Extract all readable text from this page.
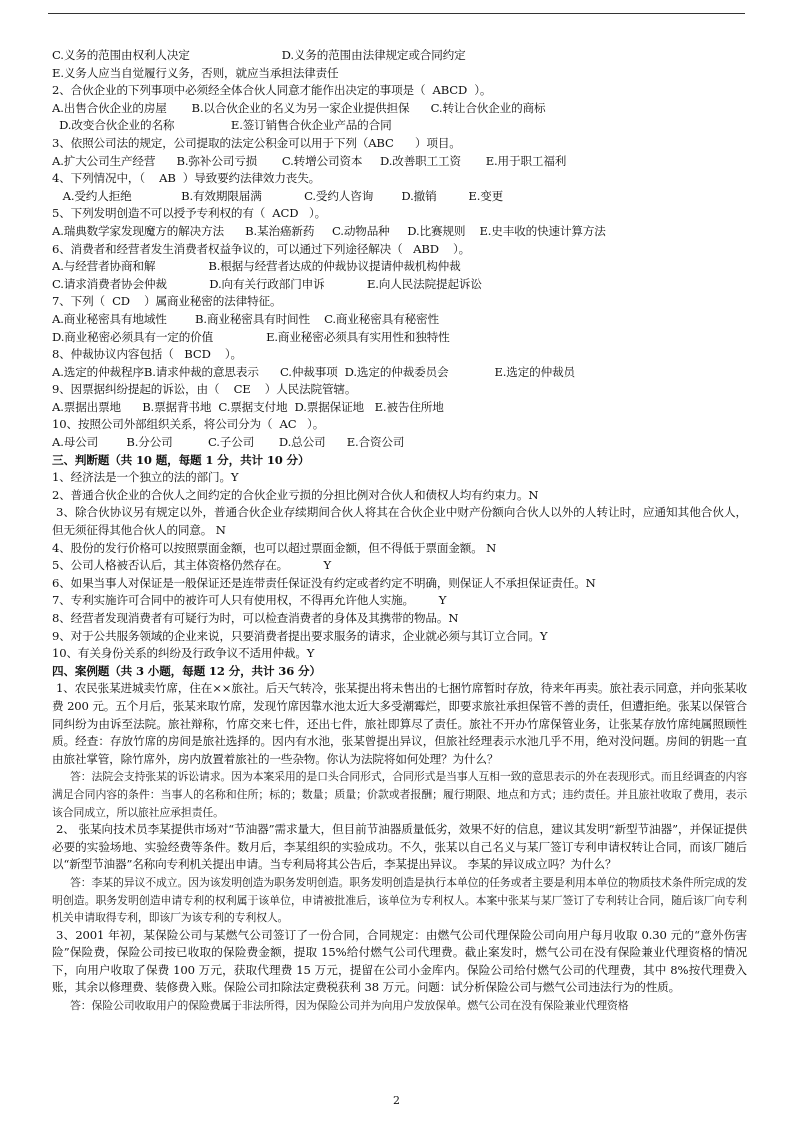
C.义务的范围由权利人决定                          D.义务的范围由法律规定或合同约定
E.义务人应当自觉履行义务，否则，就应当承担法律责任
2、合伙企业的下列事项中必须经全体合伙人同意才能作出决定的事项是（  ABCD  ）。
A.出售合伙企业的房屋       B.以合伙企业的名义为另一家企业提供担保      C.转让合伙企业的商标
D.改变合伙企业的名称                E.签订销售合伙企业产品的合同
3、依照公司法的规定，公司提取的法定公积金可以用于下列（ABC      ）项目。
A.扩大公司生产经营      B.弥补公司亏损       C.转增公司资本     D.改善职工工资       E.用于职工福利
4、下列情况中，（    AB  ）导致要约法律效力丧失。
A.受约人拒绝              B.有效期限届满            C.受约人咨询        D.撤销         E.变更
5、下列发明创造不可以授予专利权的有（  ACD   ）。
A.瑞典数学家发现魔方的解决方法      B.某治癌新药     C.动物品种     D.比赛规则    E.史丰收的快速计算方法
6、消费者和经营者发生消费者权益争议的，可以通过下列途径解决（   ABD    ）。
A.与经营者协商和解               B.根据与经营者达成的仲裁协议提请仲裁机构仲裁
C.请求消费者协会仲裁            D.向有关行政部门申诉            E.向人民法院提起诉讼
7、下列（  CD    ）属商业秘密的法律特征。
A.商业秘密具有地域性        B.商业秘密具有时间性    C.商业秘密具有秘密性
D.商业秘密必须具有一定的价值               E.商业秘密必须具有实用性和独特性
8、仲裁协议内容包括（   BCD    ）。
A.选定的仲裁程序B.请求仲裁的意思表示      C.仲裁事项  D.选定的仲裁委员会             E.选定的仲裁员
9、因票据纠纷提起的诉讼，由（    CE    ）人民法院管辖。
A.票据出票地      B.票据背书地  C.票据支付地  D.票据保证地   E.被告住所地
10、按照公司外部组织关系，将公司分为（  AC   ）。
A.母公司        B.分公司          C.子公司       D.总公司      E.合资公司
三、判断题（共 10 题，每题 1 分，共计 10 分）
1、经济法是一个独立的法的部门。Y
2、普通合伙企业的合伙人之间约定的合伙企业亏损的分担比例对合伙人和债权人均有约束力。N
3、除合伙协议另有规定以外，普通合伙企业存续期间合伙人将其在合伙企业中财产份额向合伙人以外的人转让时，应通知其他合伙人，但无须征得其他合伙人的同意。 N
4、股份的发行价格可以按照票面金额，也可以超过票面金额，但不得低于票面金额。 N
5、公司人格被否认后，其主体资格仍然存在。          Y
6、如果当事人对保证是一般保证还是连带责任保证没有约定或者约定不明确，则保证人不承担保证责任。N
7、专利实施许可合同中的被许可人只有使用权，不得再允许他人实施。       Y
8、经营者发现消费者有可疑行为时，可以检查消费者的身体及其携带的物品。N
9、对于公共服务领域的企业来说，只要消费者提出要求服务的请求，企业就必须与其订立合同。Y
10、有关身份关系的纠纷及行政争议不适用仲裁。Y
四、案例题（共 3 小题，每题 12 分，共计 36 分）
1、农民张某进城卖竹席，住在××旅社。后天气转冷，张某提出将未售出的七捆竹席暂时存放，待来年再卖。旅社表示同意，并向张某收费 200 元。五个月后，张某来取竹席，发现竹席因靠水池太近大多受潮霉烂，即要求旅社承担保管不善的责任，但遭拒绝。张某以保管合同纠纷为由诉至法院。旅社辩称，竹席交来七件，还出七件，旅社即算尽了责任。旅社不开办竹席保管业务，让张某存放竹席纯属照顾性质。经查：存放竹席的房间是旅社选择的。因内有水池，张某曾提出异议，但旅社经理表示水池几乎不用，绝对没问题。房间的钥匙一直由旅社掌管，除竹席外，房内放置着旅社的一些杂物。你认为法院将如何处理？为什么？
答：法院会支持张某的诉讼请求。因为本案采用的是口头合同形式，合同形式是当事人互相一致的意思表示的外在表现形式。而且经调查的内容满足合同内容的条件：当事人的名称和住所；标的；数量；质量；价款或者报酬；履行期限、地点和方式；违约责任。并且旅社收取了费用，表示该合同成立，所以旅社应承担责任。
2、 张某向技术员李某提供市场对“节油器”需求量大，但目前节油器质量低劣，效果不好的信息，建议其发明“新型节油器”，并保证提供必要的实验场地、实验经费等条件。数月后，李某组织的实验成功。不久，张某以自己名义与某厂签订专利申请权转让合同，而该厂随后以“新型节油器”名称向专利机关提出申请。当专利局将其公告后，李某提出异议。 李某的异议成立吗？为什么？
答：李某的异议不成立。因为该发明创造为职务发明创造。职务发明创造是执行本单位的任务或者主要是利用本单位的物质技术条件所完成的发明创造。职务发明创造申请专利的权利属于该单位，申请被批准后，该单位为专利权人。本案中张某与某厂签订了专利转让合同，随后该厂向专利机关申请取得专利，即该厂为该专利的专利权人。
3、2001 年初，某保险公司与某燃气公司签订了一份合同，合同规定：由燃气公司代理保险公司向用户每月收取 0.30 元的“意外伤害险”保险费，保险公司按已收取的保险费金额，提取 15%给付燃气公司代理费。截止案发时，燃气公司在没有保险兼业代理资格的情况下，向用户收取了保费 100 万元，获取代理费 15 万元，提留在公司小金库内。保险公司给付燃气公司的代理费，其中 8%按代理费入账，其余以修理费、装修费入账。保险公司扣除法定费税获利 38 万元。问题：试分析保险公司与燃气公司违法行为的性质。
答：保险公司收取用户的保险费属于非法所得，因为保险公司并为向用户发放保单。燃气公司在没有保险兼业代理资格
2
